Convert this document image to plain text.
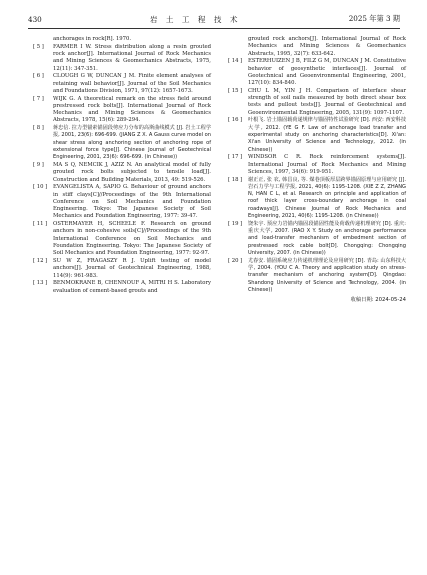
430	岩 土 工 程 技 术	2025 年第 3 期
anchorages in rock[R]. 1970.
[ 5 ]	FARMER I W. Stress distribution along a resin grouted rock anchor[J]. International Journal of Rock Mechanics and Mining Sciences & Geomechanics Abstracts, 1975, 12(11): 347-351.
[ 6 ]	CLOUGH G W, DUNCAN J M. Finite element analyses of retaining wall behavior[J]. Journal of the Soil Mechanics and Foundations Division, 1971, 97(12): 1657-1673.
[ 7 ]	WIJK G. A theoretical remark on the stress field around prestressed rock bolts[J]. International Journal of Rock Mechanics and Mining Sciences & Geomechanics Abstracts, 1978, 15(6): 289-294.
[ 8 ]	蒋忠信. 拉力型锚索锚固段剪应力分布的高斯曲线模式 [J]. 岩土工程学报, 2001, 23(6): 696-699. (JIANG Z X. A Gauss curve model on shear stress along anchoring section of anchoring rope of extensional force type[J]. Chinese Journal of Geotechnical Engineering, 2001, 23(6): 696-699. (in Chinese))
[ 9 ]	MA S Q, NEMCIK J, AZIZ N. An analytical model of fully grouted rock bolts subjected to tensile load[J]. Construction and Building Materials, 2013, 49: 519-526.
[ 10 ]	EVANGELISTA A, SAPIO G. Behaviour of ground anchors in stiff clays[C]//Proceedings of the 9th International Conference on Soil Mechanics and Foundation Engineering. Tokyo: The Japanese Society of Soil Mechanics and Foundation Engineering, 1977: 39-47.
[ 11 ]	OSTERMAYER H, SCHEELE F. Research on ground anchors in non-cohesive soils[C]//Proceedings of the 9th International Conference on Soil Mechanics and Foundation Engineering. Tokyo: The Japanese Society of Soil Mechanics and Foundation Engineering, 1977: 92-97.
[ 12 ]	SU W Z, FRAGASZY R J. Uplift testing of model anchors[J]. Journal of Geotechnical Engineering, 1988, 114(9): 961-983.
[ 13 ]	BENMOKRANE B, CHENNOUF A, MITRI H S. Laboratory evaluation of cement-based grouts and
grouted rock anchors[J]. International Journal of Rock Mechanics and Mining Sciences & Geomechanics Abstracts, 1995, 32(7): 633-642.
[ 14 ]	ESTERHUIZEN J B, FILZ G M, DUNCAN J M. Constitutive behavior of geosynthetic interfaces[J]. Journal of Geotechnical and Geoenvironmental Engineering, 2001, 127(10): 834-840.
[ 15 ]	CHU L M, YIN J H. Comparison of interface shear strength of soil nails measured by both direct shear box tests and pullout tests[J]. Journal of Geotechnical and Geoenvironmental Engineering, 2005, 131(9): 1097-1107.
[ 16 ]	叶根飞. 岩土锚固载荷递规律与锚固特性试验研究 [D]. 西安: 西安科技大学, 2012. (YE G F. Law of anchorage load transfer and experimental study on anchoring characteristics[D]. Xi'an: Xi'an University of Science and Technology, 2012. (in Chinese))
[ 17 ]	WINDSOR C R. Rock reinforcement systems[J]. International Journal of Rock Mechanics and Mining Sciences, 1997, 34(6): 919-951.
[ 18 ]	谢正正, 张 农, 韩昌良, 等. 煤巷顶板厚层跨界锚固原理与应用研究 [J]. 岩石力学与工程学报, 2021, 40(6): 1195-1208. (XIE Z Z, ZHANG N, HAN C L, et al. Research on principle and application of roof thick layer cross-boundary anchorage in coal roadways[J]. Chinese Journal of Rock Mechanics and Engineering, 2021, 40(6): 1195-1208. (in Chinese))
[ 19 ]	饶朱宇. 预应力岩锚内锚固段锚固性能及荷载传递机理研究 [D]. 重庆: 重庆大学, 2007. (RAO X Y. Study on anchorage performance and load-transfer mechanism of embedment section of prestressed rock cable bolt[D]. Chongqing: Chongqing University, 2007. (in Chinese))
[ 20 ]	尤春安. 锚固系统应力传递机理理论及应用研究 [D]. 青岛: 山东科技大学, 2004. (YOU C A. Theory and application study on stress-transfer mechanism of anchoring system[D]. Qingdao: Shandong University of Science and Technology, 2004. (in Chinese))
收稿日期: 2024-05-24
